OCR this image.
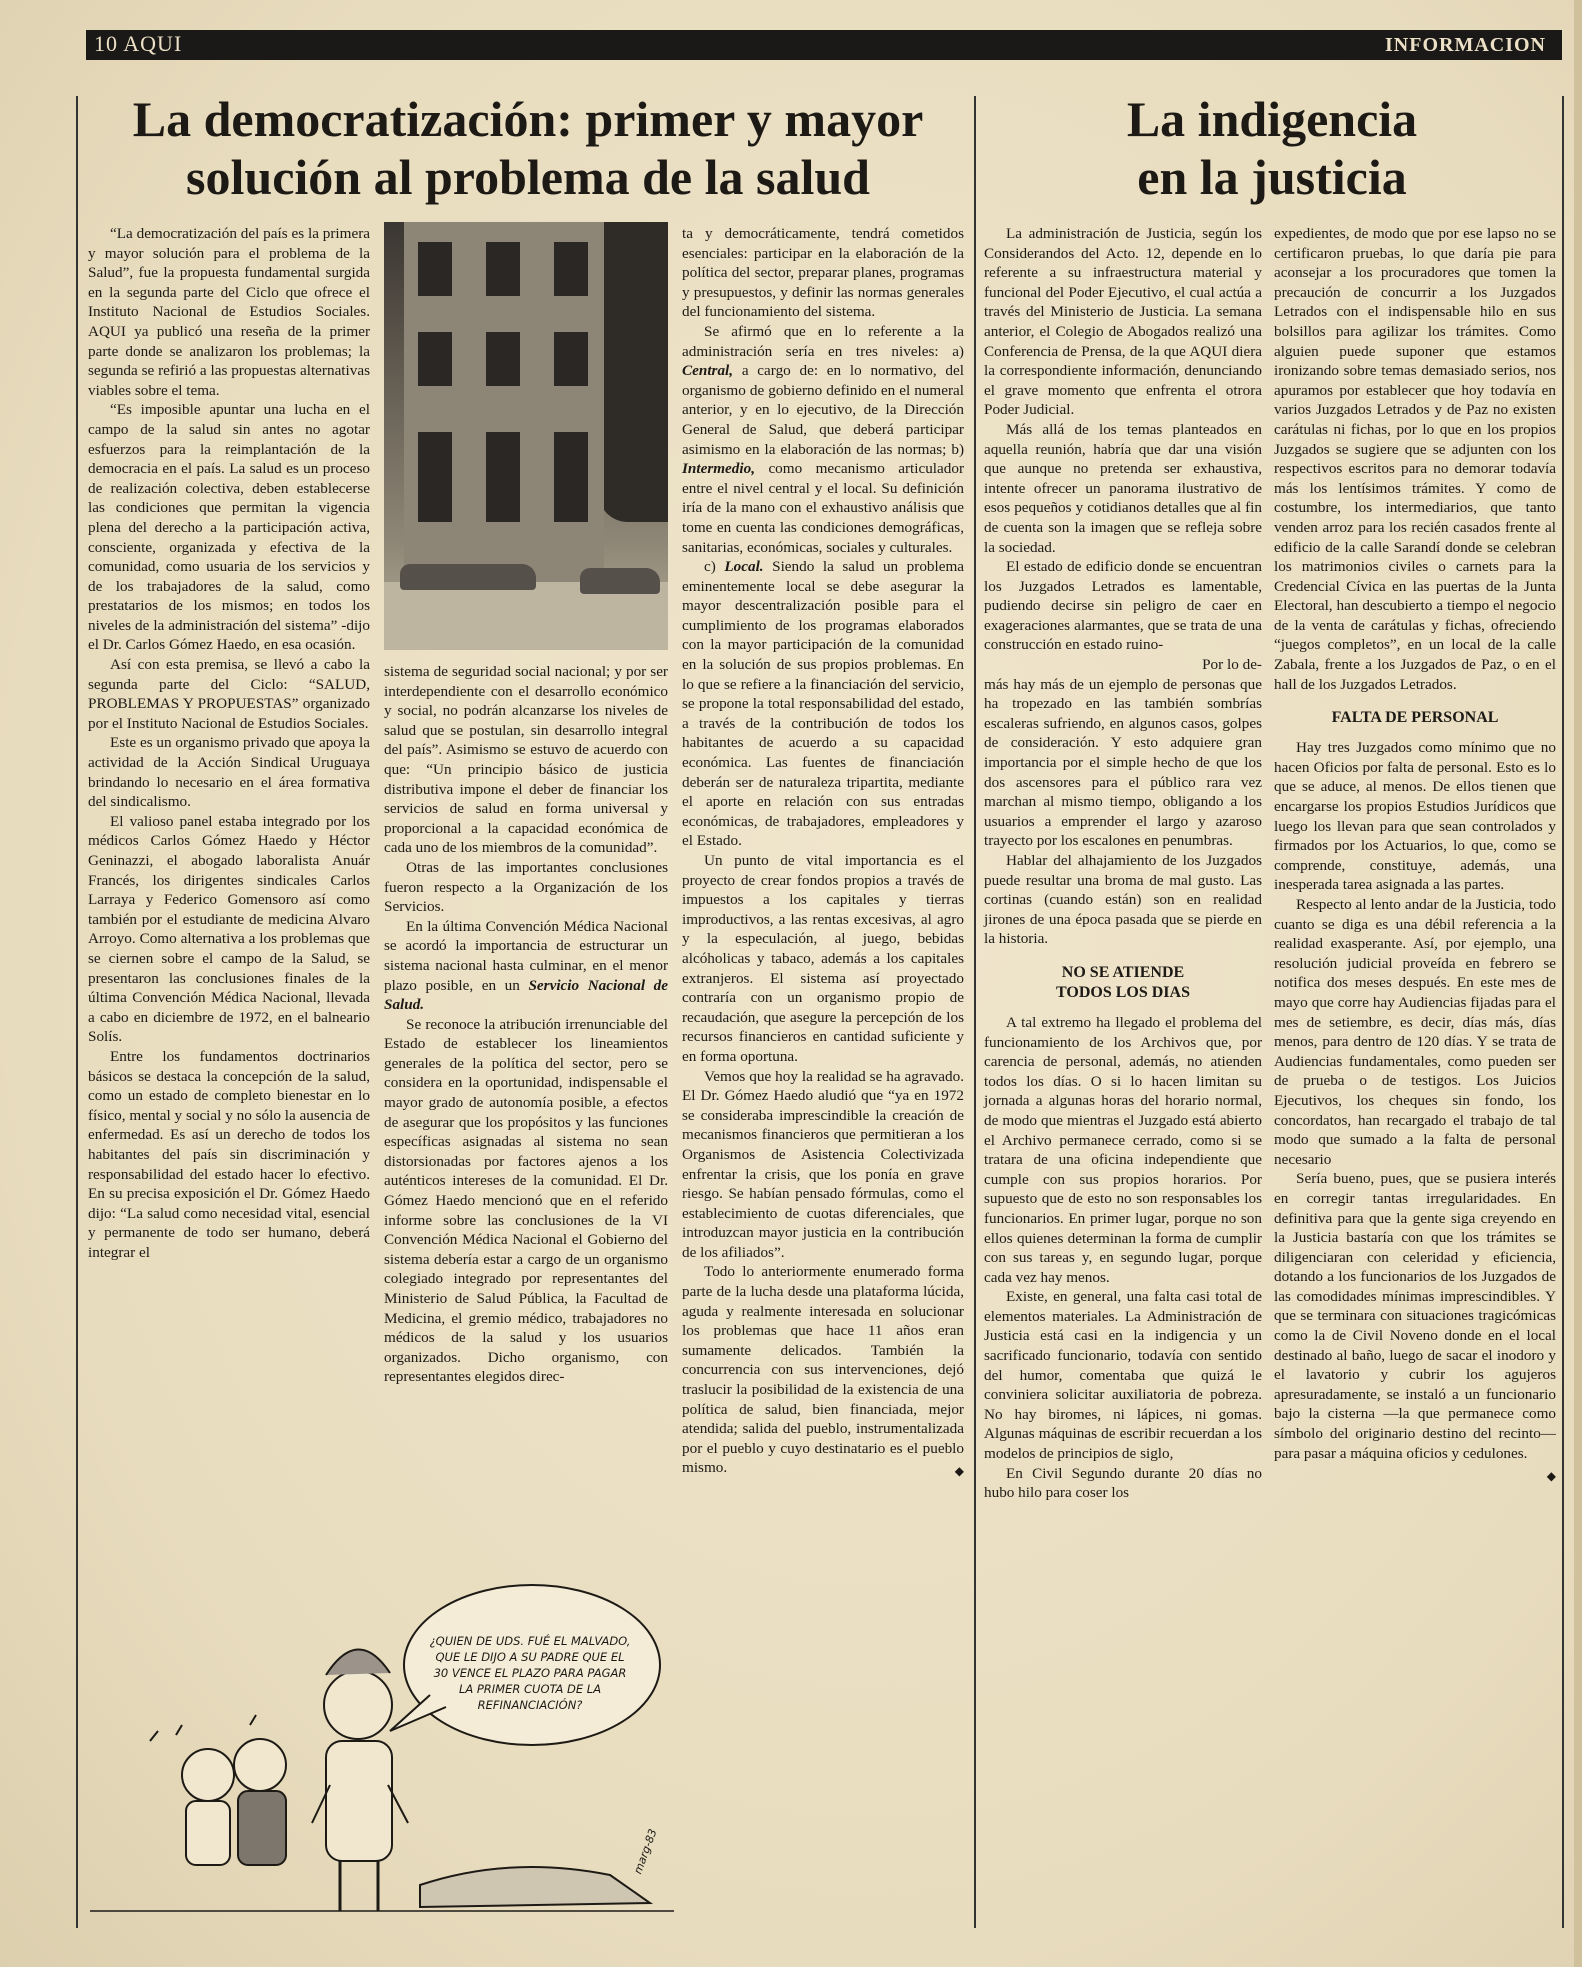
10 AQUI	INFORMACION
La democratización: primer y mayor
solución al problema de la salud

“La democratización del país es la primera y mayor solución para el problema de la Salud”, fue la propuesta fundamental surgida en la segunda parte del Ciclo que ofrece el Instituto Nacional de Estudios Sociales. AQUI ya publicó una reseña de la primer parte donde se analizaron los problemas; la segunda se refirió a las propuestas alternativas viables sobre el tema.

“Es imposible apuntar una lucha en el campo de la salud sin antes no agotar esfuerzos para la reimplantación de la democracia en el país. La salud es un proceso de realización colectiva, deben establecerse las condiciones que permitan la vigencia plena del derecho a la participación activa, consciente, organizada y efectiva de la comunidad, como usuaria de los servicios y de los trabajadores de la salud, como prestatarios de los mismos; en todos los niveles de la administración del sistema” -dijo el Dr. Carlos Gómez Haedo, en esa ocasión.

Así con esta premisa, se llevó a cabo la segunda parte del Ciclo: “SALUD, PROBLEMAS Y PROPUESTAS” organizado por el Instituto Nacional de Estudios Sociales.

Este es un organismo privado que apoya la actividad de la Acción Sindical Uruguaya brindando lo necesario en el área formativa del sindicalismo.

El valioso panel estaba integrado por los médicos Carlos Gómez Haedo y Héctor Geninazzi, el abogado laboralista Anuár Francés, los dirigentes sindicales Carlos Larraya y Federico Gomensoro así como también por el estudiante de medicina Alvaro Arroyo. Como alternativa a los problemas que se ciernen sobre el campo de la Salud, se presentaron las conclusiones finales de la última Convención Médica Nacional, llevada a cabo en diciembre de 1972, en el balneario Solís.

Entre los fundamentos doctrinarios básicos se destaca la concepción de la salud, como un estado de completo bienestar en lo físico, mental y social y no sólo la ausencia de enfermedad. Es así un derecho de todos los habitantes del país sin discriminación y responsabilidad del estado hacer lo efectivo. En su precisa exposición el Dr. Gómez Haedo dijo: “La salud como necesidad vital, esencial y permanente de todo ser humano, deberá integrar el

sistema de seguridad social nacional; y por ser interdependiente con el desarrollo económico y social, no podrán alcanzarse los niveles de salud que se postulan, sin desarrollo integral del país”. Asimismo se estuvo de acuerdo con que: “Un principio básico de justicia distributiva impone el deber de financiar los servicios de salud en forma universal y proporcional a la capacidad económica de cada uno de los miembros de la comunidad”.

Otras de las importantes conclusiones fueron respecto a la Organización de los Servicios.

En la última Convención Médica Nacional se acordó la importancia de estructurar un sistema nacional hasta culminar, en el menor plazo posible, en un Servicio Nacional de Salud.

Se reconoce la atribución irrenunciable del Estado de establecer los lineamientos generales de la política del sector, pero se considera en la oportunidad, indispensable el mayor grado de autonomía posible, a efectos de asegurar que los propósitos y las funciones específicas asignadas al sistema no sean distorsionadas por factores ajenos a los auténticos intereses de la comunidad. El Dr. Gómez Haedo mencionó que en el referido informe sobre las conclusiones de la VI Convención Médica Nacional el Gobierno del sistema debería estar a cargo de un organismo colegiado integrado por representantes del Ministerio de Salud Pública, la Facultad de Medicina, el gremio médico, trabajadores no médicos de la salud y los usuarios organizados. Dicho organismo, con representantes elegidos direc-

ta y democráticamente, tendrá cometidos esenciales: participar en la elaboración de la política del sector, preparar planes, programas y presupuestos, y definir las normas generales del funcionamiento del sistema.

Se afirmó que en lo referente a la administración sería en tres niveles: a) Central, a cargo de: en lo normativo, del organismo de gobierno definido en el numeral anterior, y en lo ejecutivo, de la Dirección General de Salud, que deberá participar asimismo en la elaboración de las normas; b) Intermedio, como mecanismo articulador entre el nivel central y el local. Su definición iría de la mano con el exhaustivo análisis que tome en cuenta las condiciones demográficas, sanitarias, económicas, sociales y culturales.

c) Local. Siendo la salud un problema eminentemente local se debe asegurar la mayor descentralización posible para el cumplimiento de los programas elaborados con la mayor participación de la comunidad en la solución de sus propios problemas. En lo que se refiere a la financiación del servicio, se propone la total responsabilidad del estado, a través de la contribución de todos los habitantes de acuerdo a su capacidad económica. Las fuentes de financiación deberán ser de naturaleza tripartita, mediante el aporte en relación con sus entradas económicas, de trabajadores, empleadores y el Estado.

Un punto de vital importancia es el proyecto de crear fondos propios a través de impuestos a los capitales y tierras improductivos, a las rentas excesivas, al agro y la especulación, al juego, bebidas alcóholicas y tabaco, además a los capitales extranjeros. El sistema así proyectado contraría con un organismo propio de recaudación, que asegure la percepción de los recursos financieros en cantidad suficiente y en forma oportuna.

Vemos que hoy la realidad se ha agravado. El Dr. Gómez Haedo aludió que “ya en 1972 se consideraba imprescindible la creación de mecanismos financieros que permitieran a los Organismos de Asistencia Colectivizada enfrentar la crisis, que los ponía en grave riesgo. Se habían pensado fórmulas, como el establecimiento de cuotas diferenciales, que introduzcan mayor justicia en la contribución de los afiliados”.

Todo lo anteriormente enumerado forma parte de la lucha desde una plataforma lúcida, aguda y realmente interesada en solucionar los problemas que hace 11 años eran sumamente delicados. También la concurrencia con sus intervenciones, dejó traslucir la posibilidad de la existencia de una política de salud, bien financiada, mejor atendida; salida del pueblo, instrumentalizada por el pueblo y cuyo destinatario es el pueblo mismo.	◆

¿QUIEN DE UDS. FUÉ EL MALVADO, QUE LE DIJO A SU PADRE QUE EL 30 VENCE EL PLAZO PARA PAGAR LA PRIMER CUOTA DE LA REFINANCIACIÓN?
marg-83
La indigencia
en la justicia

La administración de Justicia, según los Considerandos del Acto. 12, depende en lo referente a su infraestructura material y funcional del Poder Ejecutivo, el cual actúa a través del Ministerio de Justicia. La semana anterior, el Colegio de Abogados realizó una Conferencia de Prensa, de la que AQUI diera la correspondiente información, denunciando el grave momento que enfrenta el otrora Poder Judicial.

Más allá de los temas planteados en aquella reunión, habría que dar una visión que aunque no pretenda ser exhaustiva, intente ofrecer un panorama ilustrativo de esos pequeños y cotidianos detalles que al fin de cuenta son la imagen que se refleja sobre la sociedad.

El estado de edificio donde se encuentran los Juzgados Letrados es lamentable, pudiendo decirse sin peligro de caer en exageraciones alarmantes, que se trata de una construcción en estado ruino-

Por lo de-

más hay más de un ejemplo de personas que ha tropezado en las también sombrías escaleras sufriendo, en algunos casos, golpes de consideración. Y esto adquiere gran importancia por el simple hecho de que los dos ascensores para el público rara vez marchan al mismo tiempo, obligando a los usuarios a emprender el largo y azaroso trayecto por los escalones en penumbras.

Hablar del alhajamiento de los Juzgados puede resultar una broma de mal gusto. Las cortinas (cuando están) son en realidad jirones de una época pasada que se pierde en la historia.

NO SE ATIENDE
TODOS LOS DIAS

A tal extremo ha llegado el problema del funcionamiento de los Archivos que, por carencia de personal, además, no atienden todos los días. O si lo hacen limitan su jornada a algunas horas del horario normal, de modo que mientras el Juzgado está abierto el Archivo permanece cerrado, como si se tratara de una oficina independiente que cumple con sus propios horarios. Por supuesto que de esto no son responsables los funcionarios. En primer lugar, porque no son ellos quienes determinan la forma de cumplir con sus tareas y, en segundo lugar, porque cada vez hay menos.

Existe, en general, una falta casi total de elementos materiales. La Administración de Justicia está casi en la indigencia y un sacrificado funcionario, todavía con sentido del humor, comentaba que quizá le conviniera solicitar auxiliatoria de pobreza. No hay biromes, ni lápices, ni gomas. Algunas máquinas de escribir recuerdan a los modelos de principios de siglo,

En Civil Segundo durante 20 días no hubo hilo para coser los

expedientes, de modo que por ese lapso no se certificaron pruebas, lo que daría pie para aconsejar a los procuradores que tomen la precaución de concurrir a los Juzgados Letrados con el indispensable hilo en sus bolsillos para agilizar los trámites. Como alguien puede suponer que estamos ironizando sobre temas demasiado serios, nos apuramos por establecer que hoy todavía en varios Juzgados Letrados y de Paz no existen carátulas ni fichas, por lo que en los propios Juzgados se sugiere que se adjunten con los respectivos escritos para no demorar todavía más los lentísimos trámites. Y como de costumbre, los intermediarios, que tanto venden arroz para los recién casados frente al edificio de la calle Sarandí donde se celebran los matrimonios civiles o carnets para la Credencial Cívica en las puertas de la Junta Electoral, han descubierto a tiempo el negocio de la venta de carátulas y fichas, ofreciendo “juegos completos”, en un local de la calle Zabala, frente a los Juzgados de Paz, o en el hall de los Juzgados Letrados.

FALTA DE PERSONAL

Hay tres Juzgados como mínimo que no hacen Oficios por falta de personal. Esto es lo que se aduce, al menos. De ellos tienen que encargarse los propios Estudios Jurídicos que luego los llevan para que sean controlados y firmados por los Actuarios, lo que, como se comprende, constituye, además, una inesperada tarea asignada a las partes.

Respecto al lento andar de la Justicia, todo cuanto se diga es una débil referencia a la realidad exasperante. Así, por ejemplo, una resolución judicial proveída en febrero se notifica dos meses después. En este mes de mayo que corre hay Audiencias fijadas para el mes de setiembre, es decir, días más, días menos, para dentro de 120 días. Y se trata de Audiencias fundamentales, como pueden ser de prueba o de testigos. Los Juicios Ejecutivos, los cheques sin fondo, los concordatos, han recargado el trabajo de tal modo que sumado a la falta de personal necesario

Sería bueno, pues, que se pusiera interés en corregir tantas irregularidades. En definitiva para que la gente siga creyendo en la Justicia bastaría con que los trámites se diligenciaran con celeridad y eficiencia, dotando a los funcionarios de los Juzgados de las comodidades mínimas imprescindibles. Y que se terminara con situaciones tragicómicas como la de Civil Noveno donde en el local destinado al baño, luego de sacar el inodoro y el lavatorio y cubrir los agujeros apresuradamente, se instaló a un funcionario bajo la cisterna —la que permanece como símbolo del originario destino del recinto— para pasar a máquina oficios y cedulones.
◆
